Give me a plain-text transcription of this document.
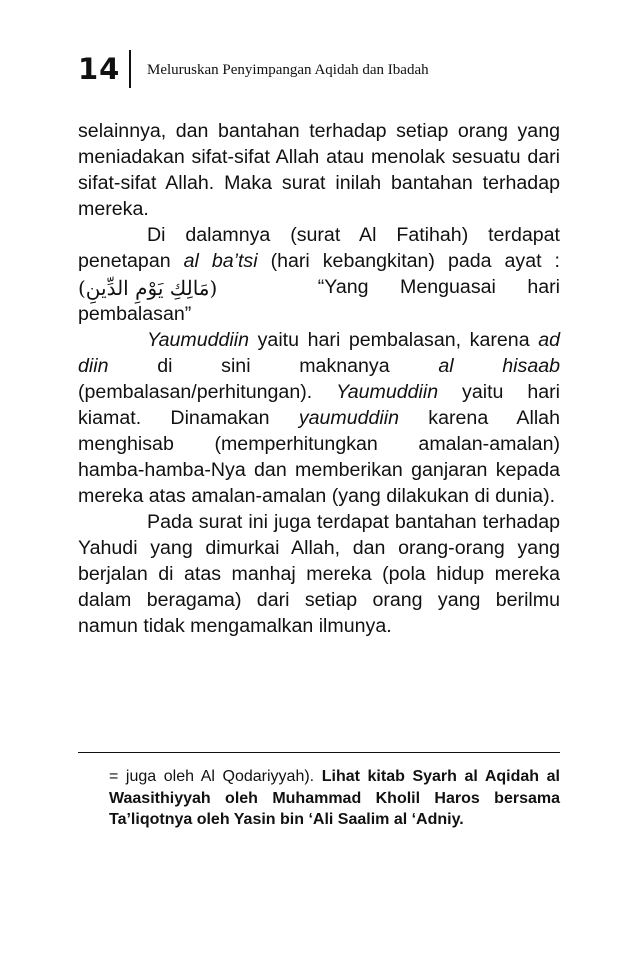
14 Meluruskan Penyimpangan Aqidah dan Ibadah

selainnya, dan bantahan terhadap setiap orang yang meniadakan sifat-sifat Allah atau menolak sesuatu dari sifat-sifat Allah. Maka surat inilah bantahan terhadap mereka.

Di dalamnya (surat Al Fatihah) terdapat penetapan al ba’tsi (hari kebangkitan) pada ayat : (مَالِكِ يَوْمِ الدِّينِ)	“Yang Menguasai hari pembalasan”

Yaumuddiin yaitu hari pembalasan, karena ad diin di sini maknanya al hisaab (pembalasan/perhitungan). Yaumuddiin yaitu hari kiamat. Dinamakan yaumuddiin karena Allah menghisab (memperhitungkan amalan-amalan) hamba-hamba-Nya dan memberikan ganjaran kepada mereka atas amalan-amalan (yang dilakukan di dunia).

Pada surat ini juga terdapat bantahan terhadap Yahudi yang dimurkai Allah, dan orang-orang yang berjalan di atas manhaj mereka (pola hidup mereka dalam beragama) dari setiap orang yang berilmu namun tidak mengamalkan ilmunya.

= juga oleh Al Qodariyyah). Lihat kitab Syarh al Aqidah al Waasithiyyah oleh Muhammad Kholil Haros bersama Ta’liqotnya oleh Yasin bin ‘Ali Saalim al ‘Adniy.
